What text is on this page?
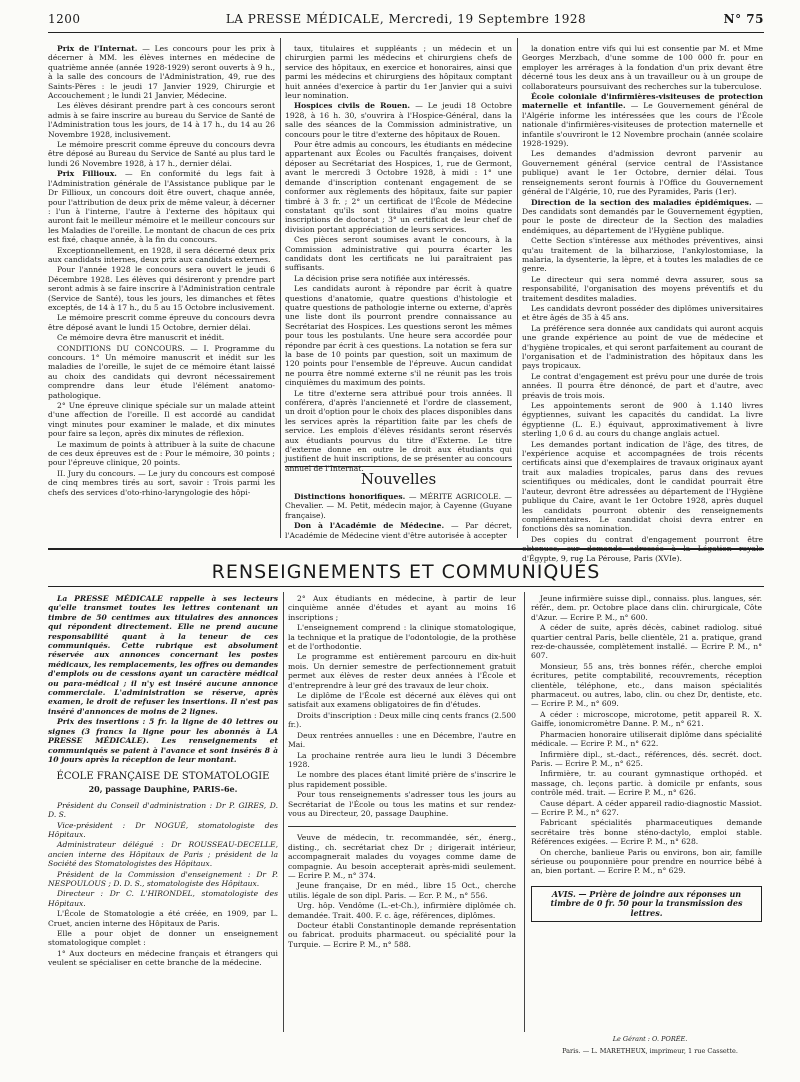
1200	LA PRESSE MÉDICALE, Mercredi, 19 Septembre 1928	N° 75

Prix de l'Internat. — Les concours pour les prix à décerner à MM. les élèves internes en médecine de quatrième année (année 1928-1929) seront ouverts à 9 h., à la salle des concours de l'Administration, 49, rue des Saints-Pères : le jeudi 17 Janvier 1929, Chirurgie et Accouchement ; le lundi 21 Janvier, Médecine.

Les élèves désirant prendre part à ces concours seront admis à se faire inscrire au bureau du Service de Santé de l'Administration tous les jours, de 14 à 17 h., du 14 au 26 Novembre 1928, inclusivement.

Le mémoire prescrit comme épreuve du concours devra être déposé au Bureau du Service de Santé au plus tard le lundi 26 Novembre 1928, à 17 h., dernier délai.

Prix Fillioux. — En conformité du legs fait à l'Administration générale de l'Assistance publique par le Dr Fillioux, un concours doit être ouvert, chaque année, pour l'attribution de deux prix de même valeur, à décerner : l'un à l'interne, l'autre à l'externe des hôpitaux qui auront fait le meilleur mémoire et le meilleur concours sur les Maladies de l'oreille. Le montant de chacun de ces prix est fixé, chaque année, à la fin du concours.

Exceptionnellement, en 1928, il sera décerné deux prix aux candidats internes, deux prix aux candidats externes.

Pour l'année 1928 le concours sera ouvert le jeudi 6 Décembre 1928. Les élèves qui désireront y prendre part seront admis à se faire inscrire à l'Administration centrale (Service de Santé), tous les jours, les dimanches et fêtes exceptés, de 14 à 17 h., du 5 au 15 Octobre inclusivement.

Le mémoire prescrit comme épreuve du concours devra être déposé avant le lundi 15 Octobre, dernier délai.

Ce mémoire devra être manuscrit et inédit.

CONDITIONS DU CONCOURS. — I. Programme du concours. 1° Un mémoire manuscrit et inédit sur les maladies de l'oreille, le sujet de ce mémoire étant laissé au choix des candidats qui devront nécessairement comprendre dans leur étude l'élément anatomo-pathologique.

2° Une épreuve clinique spéciale sur un malade atteint d'une affection de l'oreille. Il est accordé au candidat vingt minutes pour examiner le malade, et dix minutes pour faire sa leçon, après dix minutes de réflexion.

Le maximum de points à attribuer à la suite de chacune de ces deux épreuves est de : Pour le mémoire, 30 points ; pour l'épreuve clinique, 20 points.

II. Jury du concours. — Le jury du concours est composé de cinq membres tirés au sort, savoir : Trois parmi les chefs des services d'oto-rhino-laryngologie des hôpi-

taux, titulaires et suppléants ; un médecin et un chirurgien parmi les médecins et chirurgiens chefs de service des hôpitaux, en exercice et honoraires, ainsi que parmi les médecins et chirurgiens des hôpitaux comptant huit années d'exercice à partir du 1er Janvier qui a suivi leur nomination.

Hospices civils de Rouen. — Le jeudi 18 Octobre 1928, à 16 h. 30, s'ouvrira à l'Hospice-Général, dans la salle des séances de la Commission administrative, un concours pour le titre d'externe des hôpitaux de Rouen.

Pour être admis au concours, les étudiants en médecine appartenant aux Écoles ou Facultés françaises, doivent déposer au Secrétariat des Hospices, 1, rue de Germont, avant le mercredi 3 Octobre 1928, à midi : 1° une demande d'inscription contenant engagement de se conformer aux règlements des hôpitaux, faite sur papier timbré à 3 fr. ; 2° un certificat de l'École de Médecine constatant qu'ils sont titulaires d'au moins quatre inscriptions de doctorat ; 3° un certificat de leur chef de division portant appréciation de leurs services.

Ces pièces seront soumises avant le concours, à la Commission administrative qui pourra écarter les candidats dont les certificats ne lui paraîtraient pas suffisants.

La décision prise sera notifiée aux intéressés.

Les candidats auront à répondre par écrit à quatre questions d'anatomie, quatre questions d'histologie et quatre questions de pathologie interne ou externe, d'après une liste dont ils pourront prendre connaissance au Secrétariat des Hospices. Les questions seront les mêmes pour tous les postulants. Une heure sera accordée pour répondre par écrit à ces questions. La notation se fera sur la base de 10 points par question, soit un maximum de 120 points pour l'ensemble de l'épreuve. Aucun candidat ne pourra être nommé externe s'il ne réunit pas les trois cinquièmes du maximum des points.

Le titre d'externe sera attribué pour trois années. Il conférera, d'après l'ancienneté et l'ordre de classement, un droit d'option pour le choix des places disponibles dans les services après la répartition faite par les chefs de service. Les emplois d'élèves résidants seront réservés aux étudiants pourvus du titre d'Externe. Le titre d'externe donne en outre le droit aux étudiants qui justifient de huit inscriptions, de se présenter au concours annuel de l'Internat.

Nouvelles

Distinctions honorifiques. — MÉRITE AGRICOLE. — Chevalier. — M. Petit, médecin major, à Cayenne (Guyane française).

Don à l'Académie de Médecine. — Par décret, l'Académie de Médecine vient d'être autorisée à accepter

la donation entre vifs qui lui est consentie par M. et Mme Georges Merzbach, d'une somme de 100 000 fr. pour en employer les arrérages à la fondation d'un prix devant être décerné tous les deux ans à un travailleur ou à un groupe de collaborateurs poursuivant des recherches sur la tuberculose.

École coloniale d'infirmières-visiteuses de protection maternelle et infantile. — Le Gouvernement général de l'Algérie informe les intéressées que les cours de l'École nationale d'infirmières-visiteuses de protection maternelle et infantile s'ouvriront le 12 Novembre prochain (année scolaire 1928-1929).

Les demandes d'admission devront parvenir au Gouvernement général (service central de l'Assistance publique) avant le 1er Octobre, dernier délai. Tous renseignements seront fournis à l'Office du Gouvernement général de l'Algérie, 10, rue des Pyramides, Paris (1er).

Direction de la section des maladies épidémiques. — Des candidats sont demandés par le Gouvernement égyptien, pour le poste de directeur de la Section des maladies endémiques, au département de l'Hygiène publique.

Cette Section s'intéresse aux méthodes préventives, ainsi qu'au traitement de la bilharziose, l'ankylostomiase, la malaria, la dysenterie, la lèpre, et à toutes les maladies de ce genre.

Le directeur qui sera nommé devra assurer, sous sa responsabilité, l'organisation des moyens préventifs et du traitement desdites maladies.

Les candidats devront posséder des diplômes universitaires et être âgés de 35 à 45 ans.

La préférence sera donnée aux candidats qui auront acquis une grande expérience au point de vue de médecine et d'hygiène tropicales, et qui seront parfaitement au courant de l'organisation et de l'administration des hôpitaux dans les pays tropicaux.

Le contrat d'engagement est prévu pour une durée de trois années. Il pourra être dénoncé, de part et d'autre, avec préavis de trois mois.

Les appointements seront de 900 à 1.140 livres égyptiennes, suivant les capacités du candidat. La livre égyptienne (L. E.) équivaut, approximativement à livre sterling 1,0 6 d. au cours du change anglais actuel.

Les demandes portant indication de l'âge, des titres, de l'expérience acquise et accompagnées de trois récents certificats ainsi que d'exemplaires de travaux originaux ayant trait aux maladies tropicales, parus dans des revues scientifiques ou médicales, dont le candidat pourrait être l'auteur, devront être adressées au département de l'Hygiène publique du Caire, avant le 1er Octobre 1928, après duquel les candidats pourront obtenir des renseignements complémentaires. Le candidat choisi devra entrer en fonctions dès sa nomination.

Des copies du contrat d'engagement pourront être obtenues, sur demande adressée à la Légation royale d'Égypte, 9, rue La Pérouse, Paris (XVIe).

RENSEIGNEMENTS ET COMMUNIQUÉS

La PRESSE MÉDICALE rappelle à ses lecteurs qu'elle transmet toutes les lettres contenant un timbre de 50 centimes aux titulaires des annonces qui répondent directement. Elle ne prend aucune responsabilité quant à la teneur de ces communiqués. Cette rubrique est absolument réservée aux annonces concernant les postes médicaux, les remplacements, les offres ou demandes d'emplois ou de cessions ayant un caractère médical ou para-médical ; il n'y est inséré aucune annonce commerciale. L'administration se réserve, après examen, le droit de refuser les insertions. Il n'est pas inséré d'annonces de moins de 2 lignes.

Prix des insertions : 5 fr. la ligne de 40 lettres ou signes (3 francs la ligne pour les abonnés à LA PRESSE MÉDICALE). Les renseignements et communiqués se paient à l'avance et sont insérés 8 à 10 jours après la réception de leur montant.

ÉCOLE FRANÇAISE DE STOMATOLOGIE
20, passage Dauphine, PARIS-6e.

Président du Conseil d'administration : Dr P. GIRES, D. D. S.

Vice-président : Dr NOGUÉ, stomatologiste des Hôpitaux.

Administrateur délégué : Dr ROUSSEAU-DECELLE, ancien interne des Hôpitaux de Paris ; président de la Société des Stomatologistes des Hôpitaux.

Président de la Commission d'enseignement : Dr P. NESPOULOUS ; D. D. S., stomatologiste des Hôpitaux.

Directeur : Dr C. L'HIRONDEL, stomatologiste des Hôpitaux.

L'École de Stomatologie a été créée, en 1909, par L. Cruet, ancien interne des Hôpitaux de Paris.

Elle a pour objet de donner un enseignement stomatologique complet :

1° Aux docteurs en médecine français et étrangers qui veulent se spécialiser en cette branche de la médecine.

2° Aux étudiants en médecine, à partir de leur cinquième année d'études et ayant au moins 16 inscriptions ;

L'enseignement comprend : la clinique stomatologique, la technique et la pratique de l'odontologie, de la prothèse et de l'orthodontie.

Le programme est entièrement parcouru en dix-huit mois. Un dernier semestre de perfectionnement gratuit permet aux élèves de rester deux années à l'École et d'entreprendre à leur gré des travaux de leur choix.

Le diplôme de l'École est décerné aux élèves qui ont satisfait aux examens obligatoires de fin d'études.

Droits d'inscription : Deux mille cinq cents francs (2.500 fr.).

Deux rentrées annuelles : une en Décembre, l'autre en Mai.

La prochaine rentrée aura lieu le lundi 3 Décembre 1928.

Le nombre des places étant limité prière de s'inscrire le plus rapidement possible.

Pour tous renseignements s'adresser tous les jours au Secrétariat de l'École ou tous les matins et sur rendez-vous au Directeur, 20, passage Dauphine.

Veuve de médecin, tr. recommandée, sér., énerg., disting., ch. secrétariat chez Dr ; dirigerait intérieur, accompagnerait malades du voyages comme dame de compagnie. Au besoin accepterait après-midi seulement. — Ecrire P. M., n° 374.

Jeune française, Dr en méd., libre 15 Oct., cherche utilis. légale de son dipl. Paris. — Ecr. P. M., n° 556.

Urg. hôp. Vendôme (L.-et-Ch.), infirmière diplômée ch. demandée. Trait. 400. F. c. âge, références, diplômes.

Docteur établi Constantinople demande représentation ou fabricat. produits pharmaceut. ou spécialité pour la Turquie. — Ecrire P. M., n° 588.

Jeune infirmière suisse dipl., connaiss. plus. langues, sér. référ., dem. pr. Octobre place dans clin. chirurgicale, Côte d'Azur. — Ecrire P. M., n° 600.

A céder de suite, après décès, cabinet radiolog. situé quartier central Paris, belle clientèle, 21 a. pratique, grand rez-de-chaussée, complètement installé. — Ecrire P. M., n° 607.

Monsieur, 55 ans, très bonnes référ., cherche emploi écritures, petite comptabilité, recouvrements, réception clientèle, téléphone, etc., dans maison spécialités pharmaceut. ou autres, labo, clin. ou chez Dr, dentiste, etc. — Ecrire P. M., n° 609.

A céder : microscope, microtome, petit appareil R. X. Gaiffe, ionomicromètre Danne. P. M., n° 621.

Pharmacien honoraire utiliserait diplôme dans spécialité médicale. — Ecrire P. M., n° 622.

Infirmière dipl., st.-dact., références, dés. secrét. doct. Paris. — Ecrire P. M., n° 625.

Infirmière, tr. au courant gymnastique orthopéd. et massage, ch. leçons partic. à domicile pr enfants, sous contrôle méd. trait. — Ecrire P. M., n° 626.

Cause départ. A céder appareil radio-diagnostic Massiot. — Ecrire P. M., n° 627.

Fabricant spécialités pharmaceutiques demande secrétaire très bonne sténo-dactylo, emploi stable. Références exigées. — Ecrire P. M., n° 628.

On cherche, banlieue Paris ou environs, bon air, famille sérieuse ou pouponnière pour prendre en nourrice bébé à an, bien portant. — Ecrire P. M., n° 629.

AVIS. — Prière de joindre aux réponses un timbre de 0 fr. 50 pour la transmission des lettres.
Le Gérant : O. PORÉE.
Paris. — L. MARETHEUX, imprimeur, 1 rue Cassette.
